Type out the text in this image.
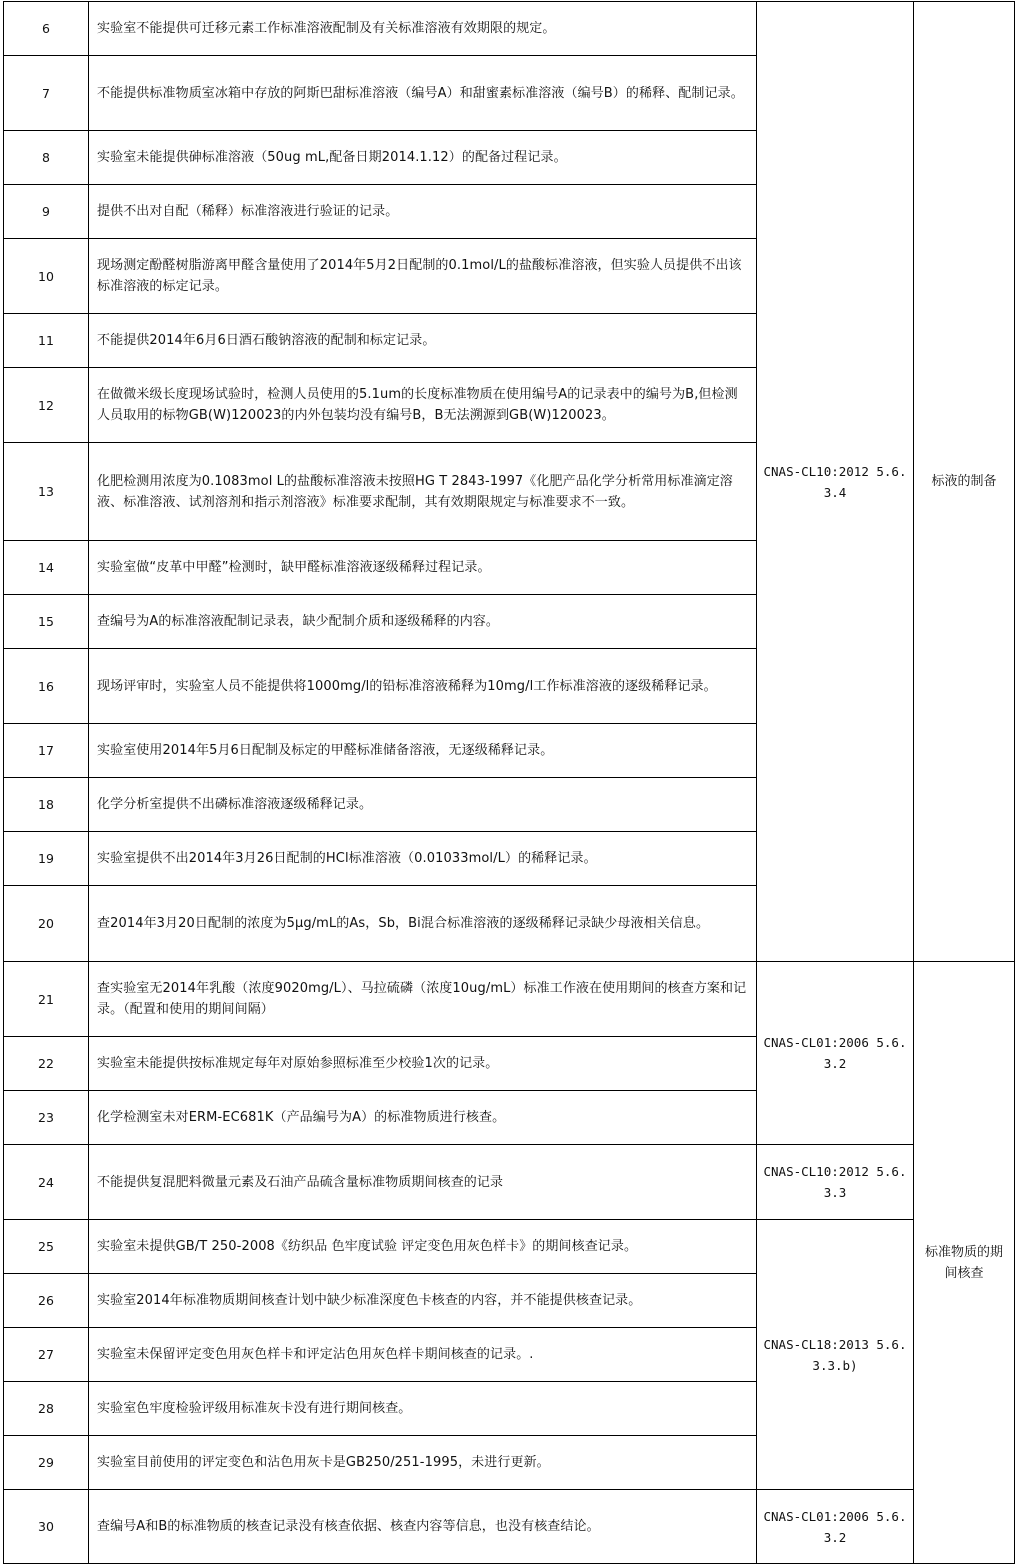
6	实验室不能提供可迁移元素工作标准溶液配制及有关标准溶液有效期限的规定。	CNAS-CL10:2012 5.6.3.4	标液的制备
7	不能提供标准物质室冰箱中存放的阿斯巴甜标准溶液（编号A）和甜蜜素标准溶液（编号B）的稀释、配制记录。		
8	实验室未能提供砷标准溶液（50ug mL,配备日期2014.1.12）的配备过程记录。		
9	提供不出对自配（稀释）标准溶液进行验证的记录。		
10	现场测定酚醛树脂游离甲醛含量使用了2014年5月2日配制的0.1mol/L的盐酸标准溶液，但实验人员提供不出该标准溶液的标定记录。		
11	不能提供2014年6月6日酒石酸钠溶液的配制和标定记录。		
12	在做微米级长度现场试验时，检测人员使用的5.1um的长度标准物质在使用编号A的记录表中的编号为B,但检测人员取用的标物GB(W)120023的内外包装均没有编号B，B无法溯源到GB(W)120023。		
13	化肥检测用浓度为0.1083mol L的盐酸标准溶液未按照HG T 2843-1997《化肥产品化学分析常用标准滴定溶液、标准溶液、试剂溶剂和指示剂溶液》标准要求配制，其有效期限规定与标准要求不一致。		
14	实验室做“皮革中甲醛”检测时，缺甲醛标准溶液逐级稀释过程记录。		
15	查编号为A的标准溶液配制记录表，缺少配制介质和逐级稀释的内容。		
16	现场评审时，实验室人员不能提供将1000mg/l的铅标准溶液稀释为10mg/l工作标准溶液的逐级稀释记录。		
17	实验室使用2014年5月6日配制及标定的甲醛标准储备溶液，无逐级稀释记录。		
18	化学分析室提供不出磷标准溶液逐级稀释记录。		
19	实验室提供不出2014年3月26日配制的HCl标准溶液（0.01033mol/L）的稀释记录。		
20	查2014年3月20日配制的浓度为5μg/mL的As，Sb，Bi混合标准溶液的逐级稀释记录缺少母液相关信息。		
21	查实验室无2014年乳酸（浓度9020mg/L）、马拉硫磷（浓度10ug/mL）标准工作液在使用期间的核查方案和记录。（配置和使用的期间间隔）	CNAS-CL01:2006 5.6.3.2	标准物质的期间核查
22	实验室未能提供按标准规定每年对原始参照标准至少校验1次的记录。		
23	化学检测室未对ERM-EC681K（产品编号为A）的标准物质进行核查。		
24	不能提供复混肥料微量元素及石油产品硫含量标准物质期间核查的记录	CNAS-CL10:2012 5.6.3.3	
25	实验室未提供GB/T 250-2008《纺织品 色牢度试验 评定变色用灰色样卡》的期间核查记录。	CNAS-CL18:2013 5.6.3.3.b)	
26	实验室2014年标准物质期间核查计划中缺少标准深度色卡核查的内容，并不能提供核查记录。		
27	实验室未保留评定变色用灰色样卡和评定沾色用灰色样卡期间核查的记录。.		
28	实验室色牢度检验评级用标准灰卡没有进行期间核查。		
29	实验室目前使用的评定变色和沾色用灰卡是GB250/251-1995，未进行更新。		
30	查编号A和B的标准物质的核查记录没有核查依据、核查内容等信息，也没有核查结论。	CNAS-CL01:2006 5.6.3.2	
